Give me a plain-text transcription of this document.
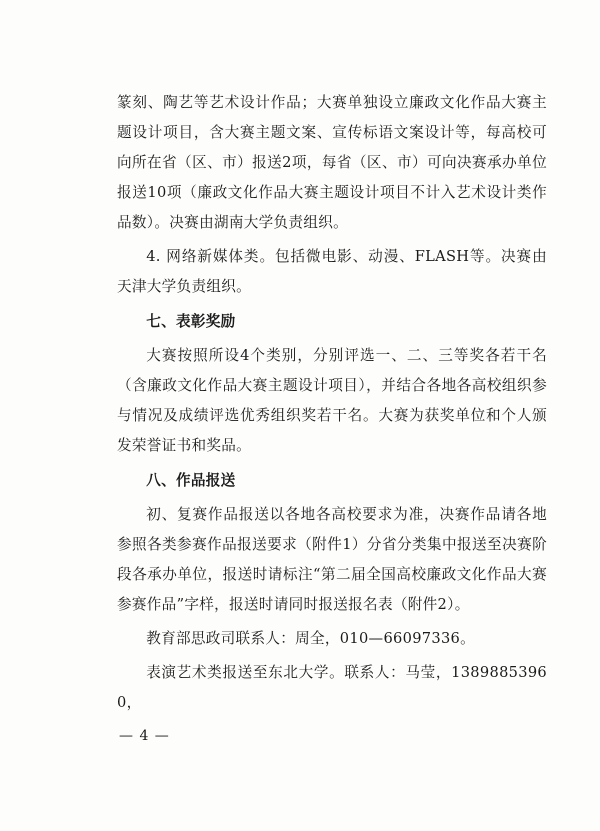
篆刻、陶艺等艺术设计作品；大赛单独设立廉政文化作品大赛主题设计项目，含大赛主题文案、宣传标语文案设计等，每高校可向所在省（区、市）报送2项，每省（区、市）可向决赛承办单位报送10项（廉政文化作品大赛主题设计项目不计入艺术设计类作品数）。决赛由湖南大学负责组织。

4. 网络新媒体类。包括微电影、动漫、FLASH等。决赛由天津大学负责组织。

七、表彰奖励

大赛按照所设4个类别，分别评选一、二、三等奖各若干名（含廉政文化作品大赛主题设计项目），并结合各地各高校组织参与情况及成绩评选优秀组织奖若干名。大赛为获奖单位和个人颁发荣誉证书和奖品。

八、作品报送

初、复赛作品报送以各地各高校要求为准，决赛作品请各地参照各类参赛作品报送要求（附件1）分省分类集中报送至决赛阶段各承办单位，报送时请标注“第二届全国高校廉政文化作品大赛参赛作品”字样，报送时请同时报送报名表（附件2）。

教育部思政司联系人：周全，010—66097336。

表演艺术类报送至东北大学。联系人：马莹，13898853960，

— 4 —
